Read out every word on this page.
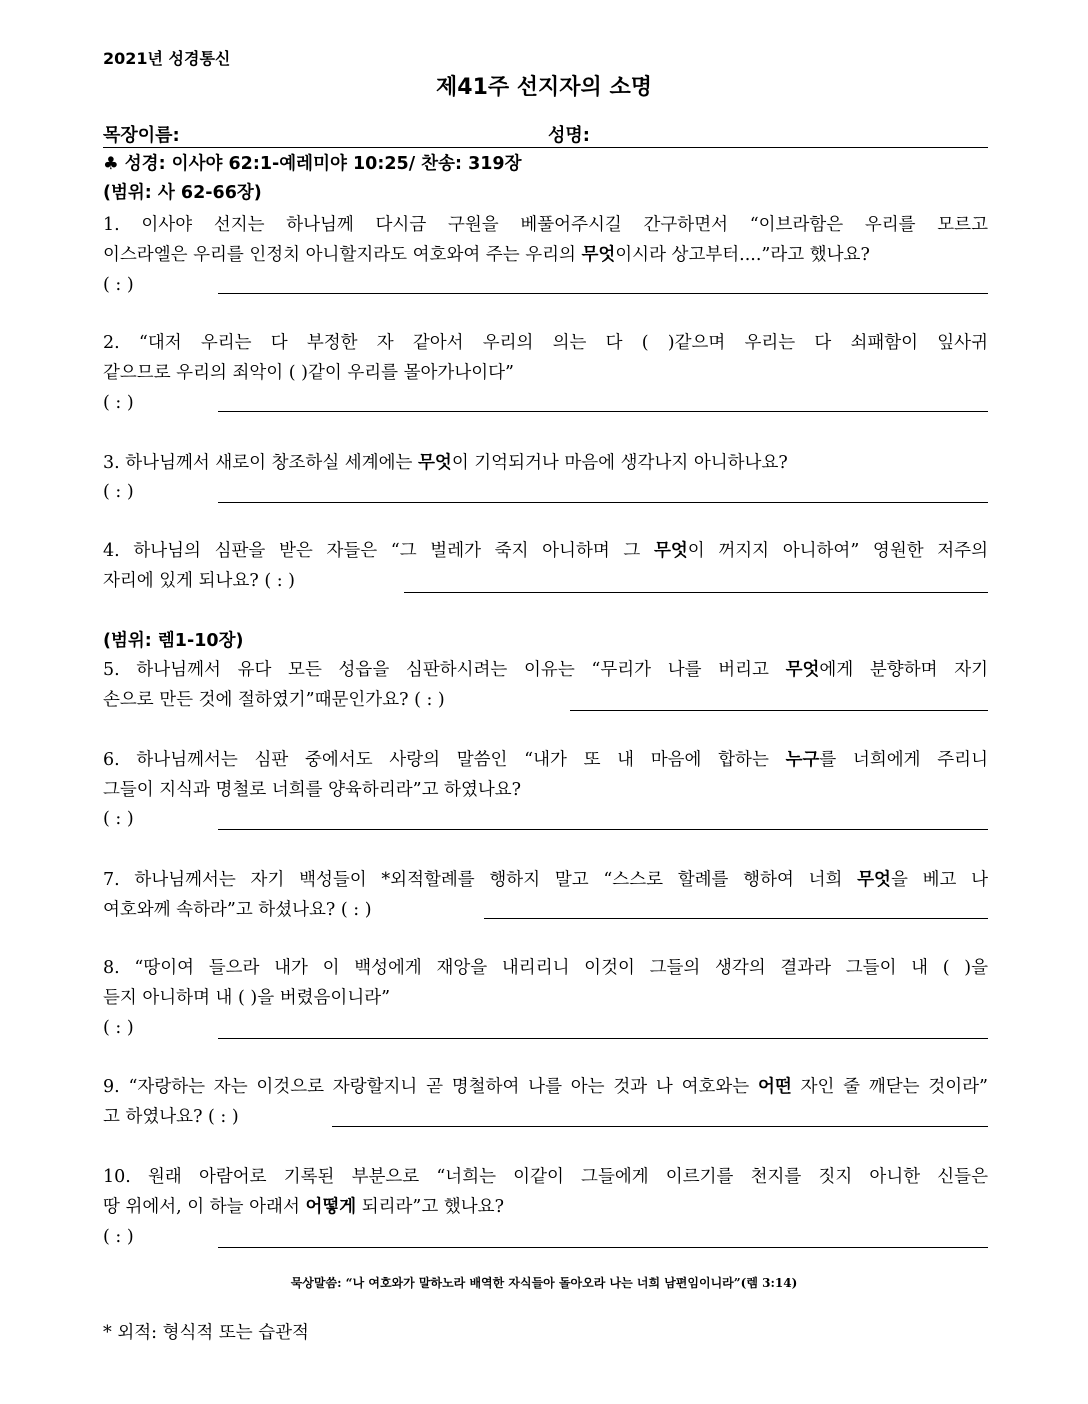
2021년 성경통신
제41주 선지자의 소명
목장이름:	성명:
♣ 성경: 이사야 62:1-예레미야 10:25/ 찬송: 319장
(범위: 사 62-66장)
1. 이사야 선지는 하나님께 다시금 구원을 베풀어주시길 간구하면서 “이브라함은 우리를 모르고
이스라엘은 우리를 인정치 아니할지라도 여호와여 주는 우리의 무엇이시라 상고부터....”라고 했나요?
( : )
2. “대저 우리는 다 부정한 자 같아서 우리의 의는 다 ( )같으며 우리는 다 쇠패함이 잎사귀
같으므로 우리의 죄악이 ( )같이 우리를 몰아가나이다”
( : )
3. 하나님께서 새로이 창조하실 세계에는 무엇이 기억되거나 마음에 생각나지 아니하나요?
( : )
4. 하나님의 심판을 받은 자들은 “그 벌레가 죽지 아니하며 그 무엇이 꺼지지 아니하여” 영원한 저주의
자리에 있게 되나요? ( : )
(범위: 렘1-10장)
5. 하나님께서 유다 모든 성읍을 심판하시려는 이유는 “무리가 나를 버리고 무엇에게 분향하며 자기
손으로 만든 것에 절하였기”때문인가요? ( : )
6. 하나님께서는 심판 중에서도 사랑의 말씀인 “내가 또 내 마음에 합하는 누구를 너희에게 주리니
그들이 지식과 명철로 너희를 양육하리라”고 하였나요?
( : )
7. 하나님께서는 자기 백성들이 *외적할례를 행하지 말고 “스스로 할례를 행하여 너희 무엇을 베고 나
여호와께 속하라”고 하셨나요? ( : )
8. “땅이여 들으라 내가 이 백성에게 재앙을 내리리니 이것이 그들의 생각의 결과라 그들이 내 ( )을
듣지 아니하며 내 ( )을 버렸음이니라”
( : )
9. “자랑하는 자는 이것으로 자랑할지니 곧 명철하여 나를 아는 것과 나 여호와는 어떤 자인 줄 깨닫는 것이라”
고 하였나요? ( : )
10. 원래 아람어로 기록된 부분으로 “너희는 이같이 그들에게 이르기를 천지를 짓지 아니한 신들은
땅 위에서, 이 하늘 아래서 어떻게 되리라”고 했나요?
( : )
묵상말씀: “나 여호와가 말하노라 배역한 자식들아 돌아오라 나는 너희 남편임이니라”(렘 3:14)
* 외적: 형식적 또는 습관적
